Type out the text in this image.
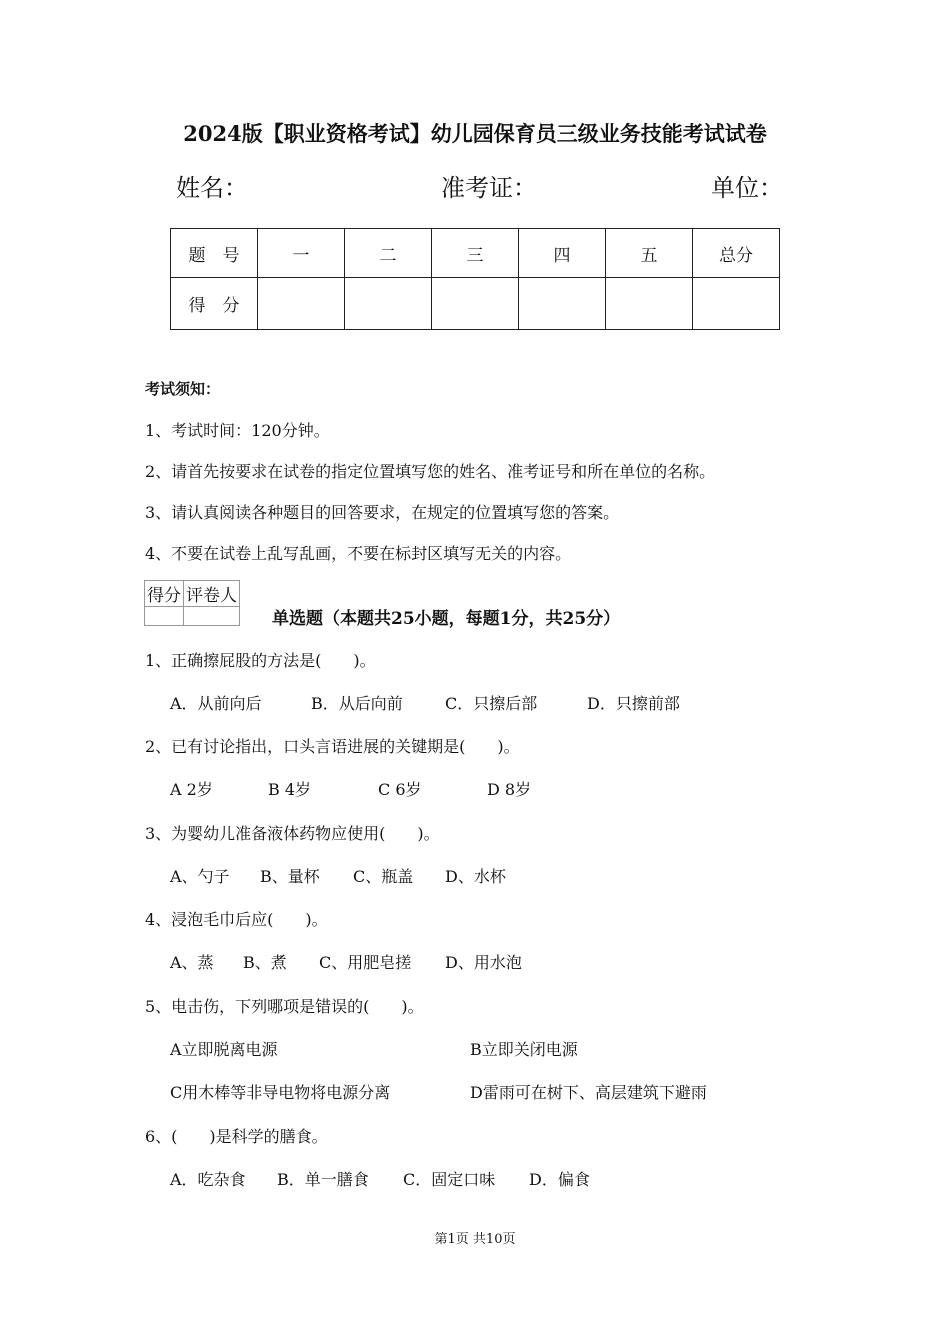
2024版【职业资格考试】幼儿园保育员三级业务技能考试试卷
姓名：	准考证：	单位：
题　号	一	二	三	四	五	总分
得　分						
考试须知：
1、考试时间：120分钟。
2、请首先按要求在试卷的指定位置填写您的姓名、准考证号和所在单位的名称。
3、请认真阅读各种题目的回答要求，在规定的位置填写您的答案。
4、不要在试卷上乱写乱画，不要在标封区填写无关的内容。
得分	评卷人

单选题（本题共25小题，每题1分，共25分）
1、正确擦屁股的方法是(　　)。
A．从前向后	B．从后向前	C．只擦后部	D．只擦前部
2、已有讨论指出，口头言语进展的关键期是(　　)。
A 2岁	B 4岁	C 6岁	D 8岁
3、为婴幼儿准备液体药物应使用(　　)。
A、勺子 B、量杯 C、瓶盖 D、水杯
4、浸泡毛巾后应(　　)。
A、蒸 B、煮 C、用肥皂搓 D、用水泡
5、电击伤，下列哪项是错误的(　　)。
A立即脱离电源	B立即关闭电源
C用木棒等非导电物将电源分离	D雷雨可在树下、高层建筑下避雨
6、(　　)是科学的膳食。
A．吃杂食 B．单一膳食 C．固定口味 D．偏食
第1页 共10页
